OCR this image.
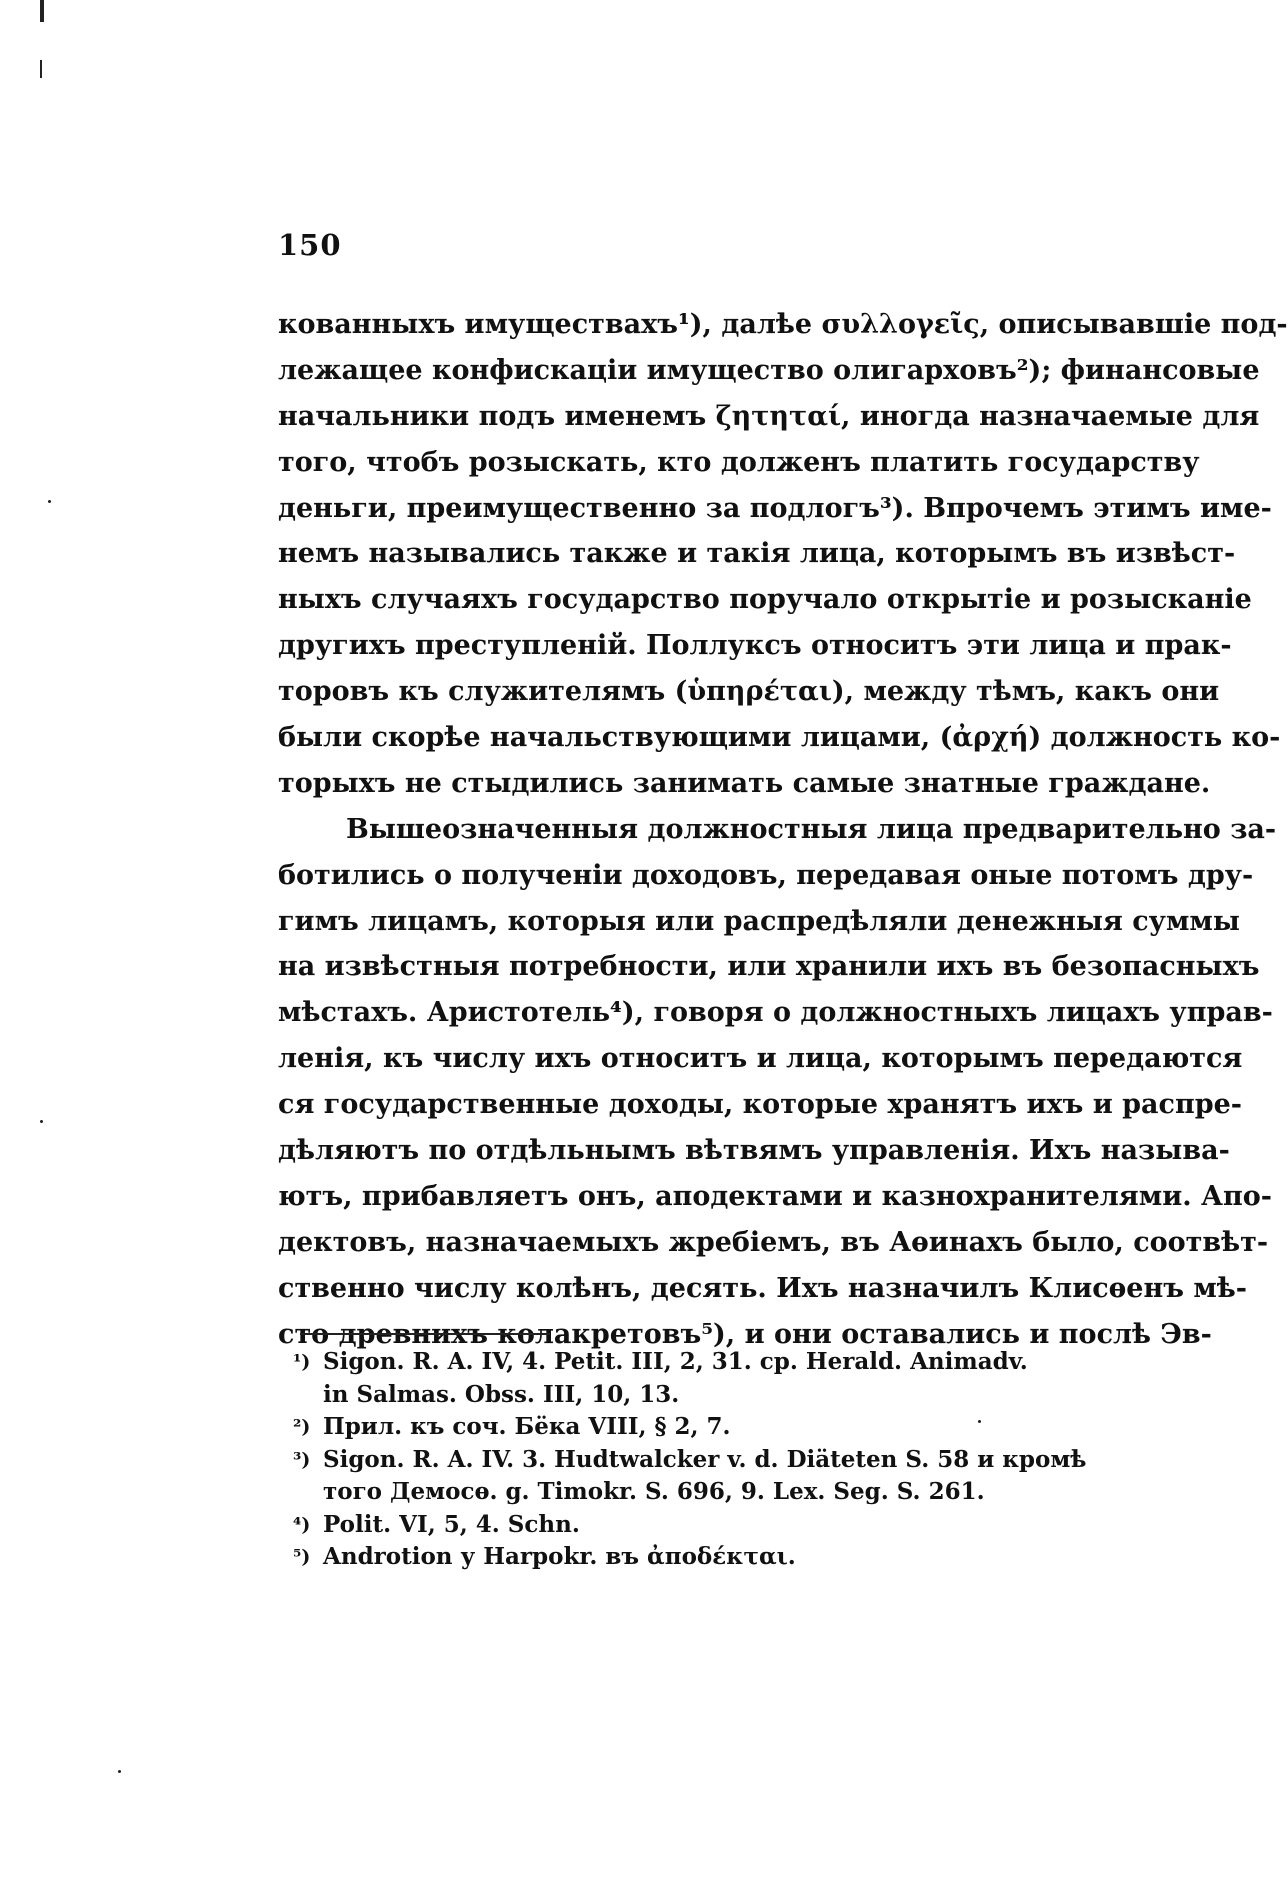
150
кованныхъ имуществахъ¹), далѣе συλλογεῖς, описывавшіе под-
лежащее конфискаціи имущество олигарховъ²); финансовые
начальники подъ именемъ ζητηταί, иногда назначаемые для
того, чтобъ розыскать, кто долженъ платить государству
деньги, преимущественно за подлогъ³). Впрочемъ этимъ име-
немъ назывались также и такія лица, которымъ въ извѣст-
ныхъ случаяхъ государство поручало открытіе и розысканіе
другихъ преступленій. Поллуксъ относитъ эти лица и прак-
торовъ къ служителямъ (ὑπηρέται), между тѣмъ, какъ они
были скорѣе начальствующими лицами, (ἀρχή) должность ко-
торыхъ не стыдились занимать самые знатные граждане.
Вышеозначенныя должностныя лица предварительно за-
ботились о полученіи доходовъ, передавая оные потомъ дру-
гимъ лицамъ, которыя или распредѣляли денежныя суммы
на извѣстныя потребности, или хранили ихъ въ безопасныхъ
мѣстахъ. Аристотель⁴), говоря о должностныхъ лицахъ управ-
ленія, къ числу ихъ относитъ и лица, которымъ передаются
ся государственные доходы, которые хранятъ ихъ и распре-
дѣляютъ по отдѣльнымъ вѣтвямъ управленія. Ихъ называ-
ютъ, прибавляетъ онъ, аподектами и казнохранителями. Апо-
дектовъ, назначаемыхъ жребіемъ, въ Аѳинахъ было, соотвѣт-
ственно числу колѣнъ, десять. Ихъ назначилъ Клисѳенъ мѣ-
сто древнихъ колакретовъ⁵), и они оставались и послѣ Эв-
¹) Sigon. R. A. IV, 4. Petit. III, 2, 31. cp. Herald. Animadv.
in Salmas. Obss. III, 10, 13.
²) Прил. къ соч. Бёка VIII, § 2, 7.
³) Sigon. R. A. IV. 3. Hudtwalcker v. d. Diäteten S. 58 и кромѣ
того Демосѳ. g. Timokr. S. 696, 9. Lex. Seg. S. 261.
⁴) Polit. VI, 5, 4. Schn.
⁵) Androtion у Harpokr. въ ἀποδέκται.
